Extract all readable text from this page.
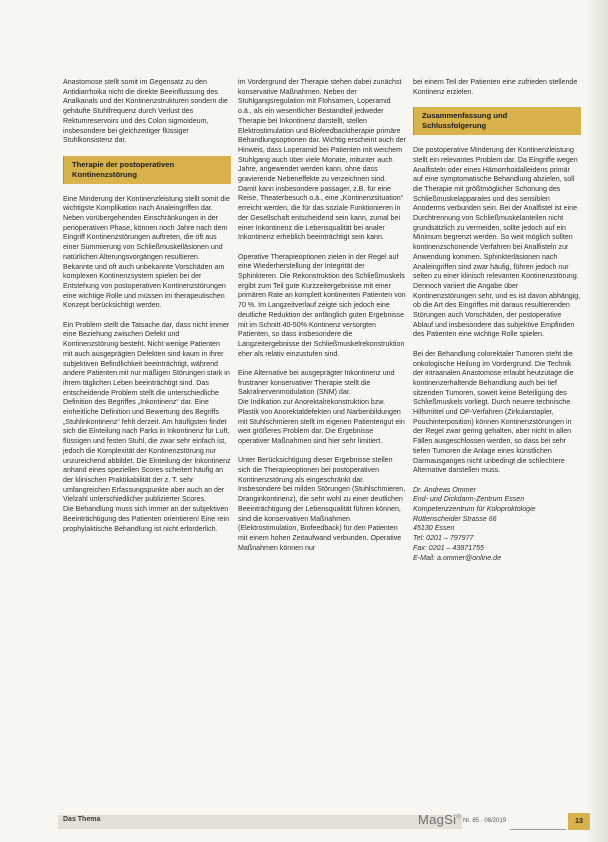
Anastomose stellt somit im Gegensatz zu den Antidiarrhoika nicht die direkte Beeinflussung des Analkanals und der Kontinenzstrukturen sondern die gehäufte Stuhlfrequenz durch Verlust des Rektumreservoirs und des Colon sigmoideum, insbesondere bei gleichzeitiger flüssiger Stuhlkonsistenz dar.

Therapie der postoperativen
Kontinenzstörung

Eine Minderung der Kontinenzleistung stellt somit die wichtigste Komplikation nach Analeingriffen dar. Neben vorübergehenden Einschränkungen in der perioperativen Phase, können noch Jahre nach dem Eingriff Kontinenzstörungen auftreten, die oft aus einer Summierung von Schließmuskelläsionen und natürlichen Alterungsvorgängen resultieren. Bekannte und oft auch unbekannte Vorschäden am komplexen Kontinenzsystem spielen bei der Entstehung von postoperativen Kontinenzstörungen eine wichtige Rolle und müssen im therapeutischen Konzept berücksichtigt werden.

Ein Problem stellt die Tatsache dar, dass nicht immer eine Beziehung zwischen Defekt und Kontinenzstörung besteht. Nicht wenige Patienten mit auch ausgeprägten Defekten sind kaum in ihrer subjektiven Befindlichkeit beeinträchtigt, während andere Patienten mit nur mäßigen Störungen stark in ihrem täglichen Leben beeinträchtigt sind. Das entscheidende Problem stellt die unterschiedliche Definition des Begriffes „Inkontinenz“ dar. Eine einheitliche Definition und Bewertung des Begriffs „Stuhlinkontinenz“ fehlt derzeit. Am häufigsten findet sich die Einteilung nach Parks in Inkontinenz für Luft, flüssigen und festen Stuhl, die zwar sehr einfach ist, jedoch die Komplexität der Kontinenzstörung nur unzureichend abbildet. Die Einteilung der Inkontinenz anhand eines speziellen Scores scheitert häufig an der klinischen Praktikabilität der z. T. sehr umfangreichen Erfassungspunkte aber auch an der Vielzahl unterschiedlicher publizierter Scores.

Die Behandlung muss sich immer an der subjektiven Beeinträchtigung des Patienten orientieren! Eine rein prophylaktische Behandlung ist nicht erforderlich.

im Vordergrund der Therapie stehen dabei zunächst konservative Maßnahmen. Neben der Stuhlgangsregulation mit Flohsamen, Loperamid o.ä., als ein wesentlicher Bestandteil jedweder Therapie bei Inkontinenz darstellt, stellen Elektrostimulation und Biofeedbacktherapie primäre Behandlungsoptionen dar. Wichtig erscheint auch der Hinweis, dass Loperamid bei Patienten mit weichem Stuhlgang auch über viele Monate, mitunter auch Jahre, angewendet werden kann, ohne dass gravierende Nebeneffekte zu verzeichnen sind. Damit kann insbesondere passager, z.B. für eine Reise, Theaterbesuch o.ä., eine „Kontinenzsituation“ erreicht werden, die für das soziale Funktionieren in der Gesellschaft entscheidend sein kann, zumal bei einer Inkontinenz die Lebensqualität bei analer Inkontinenz erheblich beeinträchtigt sein kann.

Operative Therapieoptionen zielen in der Regel auf eine Wiederherstellung der Integrität der Sphinkteren. Die Rekonstruktion des Schließmuskels ergibt zum Teil gute Kurzzeitergebnisse mit einer primären Rate an komplett kontinenten Patienten von 70 %. Im Langzeitverlauf zeigte sich jedoch eine deutliche Reduktion der anfänglich guten Ergebnisse mit im Schnitt 40-50% Kontinenz versorgten Patienten, so dass insbesondere die Langzeitergebnisse der Schließmuskelrekonstruktion eher als relativ einzustufen sind.

Eine Alternative bei ausgeprägter Inkontinenz und frustraner konservativer Therapie stellt die Sakralnervenmodulation (SNM) dar.

Die Indikation zur Anorektalrekonstruktion bzw. Plastik von Anorektaldefekten und Narbenbildungen mit Stuhlschmieren stellt im eigenen Patientengut ein weit größeres Problem dar. Die Ergebnisse operativer Maßnahmen sind hier sehr limitiert.

Unter Berücksichtigung dieser Ergebnisse stellen sich die Therapieoptionen bei postoperativen Kontinenzstörung als eingeschränkt dar. Insbesondere bei milden Störungen (Stuhlschmieren, Dranginkontinenz), die sehr wohl zu einer deutlichen Beeinträchtigung der Lebensqualität führen können, sind die konservativen Maßnahmen (Elektrostimulation, Biofeedback) für den Patienten mit einem hohen Zeitaufwand verbunden. Operative Maßnahmen können nur

bei einem Teil der Patienten eine zufrieden stellende Kontinenz erzielen.

Zusammenfassung und
Schlussfolgerung

Die postoperative Minderung der Kontinenzleistung stellt ein relevantes Problem dar. Da Eingriffe wegen Analfisteln oder eines Hämorrhoidalleidens primär auf eine symptomatische Behandlung abzielen, soll die Therapie mit größtmöglicher Schonung des Schließmuskelapparates und des sensiblen Anoderms verbunden sein. Bei der Analfistel ist eine Durchtrennung von Schließmuskelanteilen nicht grundsätzlich zu vermeiden, sollte jedoch auf ein Minimum begrenzt werden. So weit möglich sollten kontinenzschonende Verfahren bei Analfisteln zur Anwendung kommen. Sphinkterläsionen nach Analeingriffen sind zwar häufig, führen jedoch nur selten zu einer klinisch relevanten Kontinenzstörung. Dennoch variiert die Angabe über Kontinenzstörungen sehr, und es ist davon abhängig, ob die Art des Eingriffes mit daraus resultierenden Störungen auch Vorschäden, der postoperative Ablauf und insbesondere das subjektive Empfinden des Patienten eine wichtige Rolle spielen.

Bei der Behandlung colorektaler Tumoren steht die onkologische Heilung im Vordergrund. Die Technik der intraanalen Anastomose erlaubt heutzutage die kontinenzerhaltende Behandlung auch bei tief sitzenden Tumoren, soweit keine Beteiligung des Schließmuskels vorliegt. Durch neuere technische Hilfsmittel und OP-Verfahren (Zirkularstapler, Pouchinterposition) können Kontinenzstörungen in der Regel zwar gering gehalten, aber nicht in allen Fällen ausgeschlossen werden, so dass bei sehr tiefen Tumoren die Anlage eines künstlichen Darmausganges nicht unbedingt die schlechtere Alternative darstellen muss.

Dr. Andreas Ommer
End- und Dickdarm-Zentrum Essen
Kompetenzzentrum für Koloproktologie
Rüttenscheider Strasse 66
45130 Essen
Tel: 0201 – 797977
Fax: 0201 – 43871755
E-Mail: a.ommer@online.de
Das Thema	MagSi®
Nr. 85 · 08/2019	13
